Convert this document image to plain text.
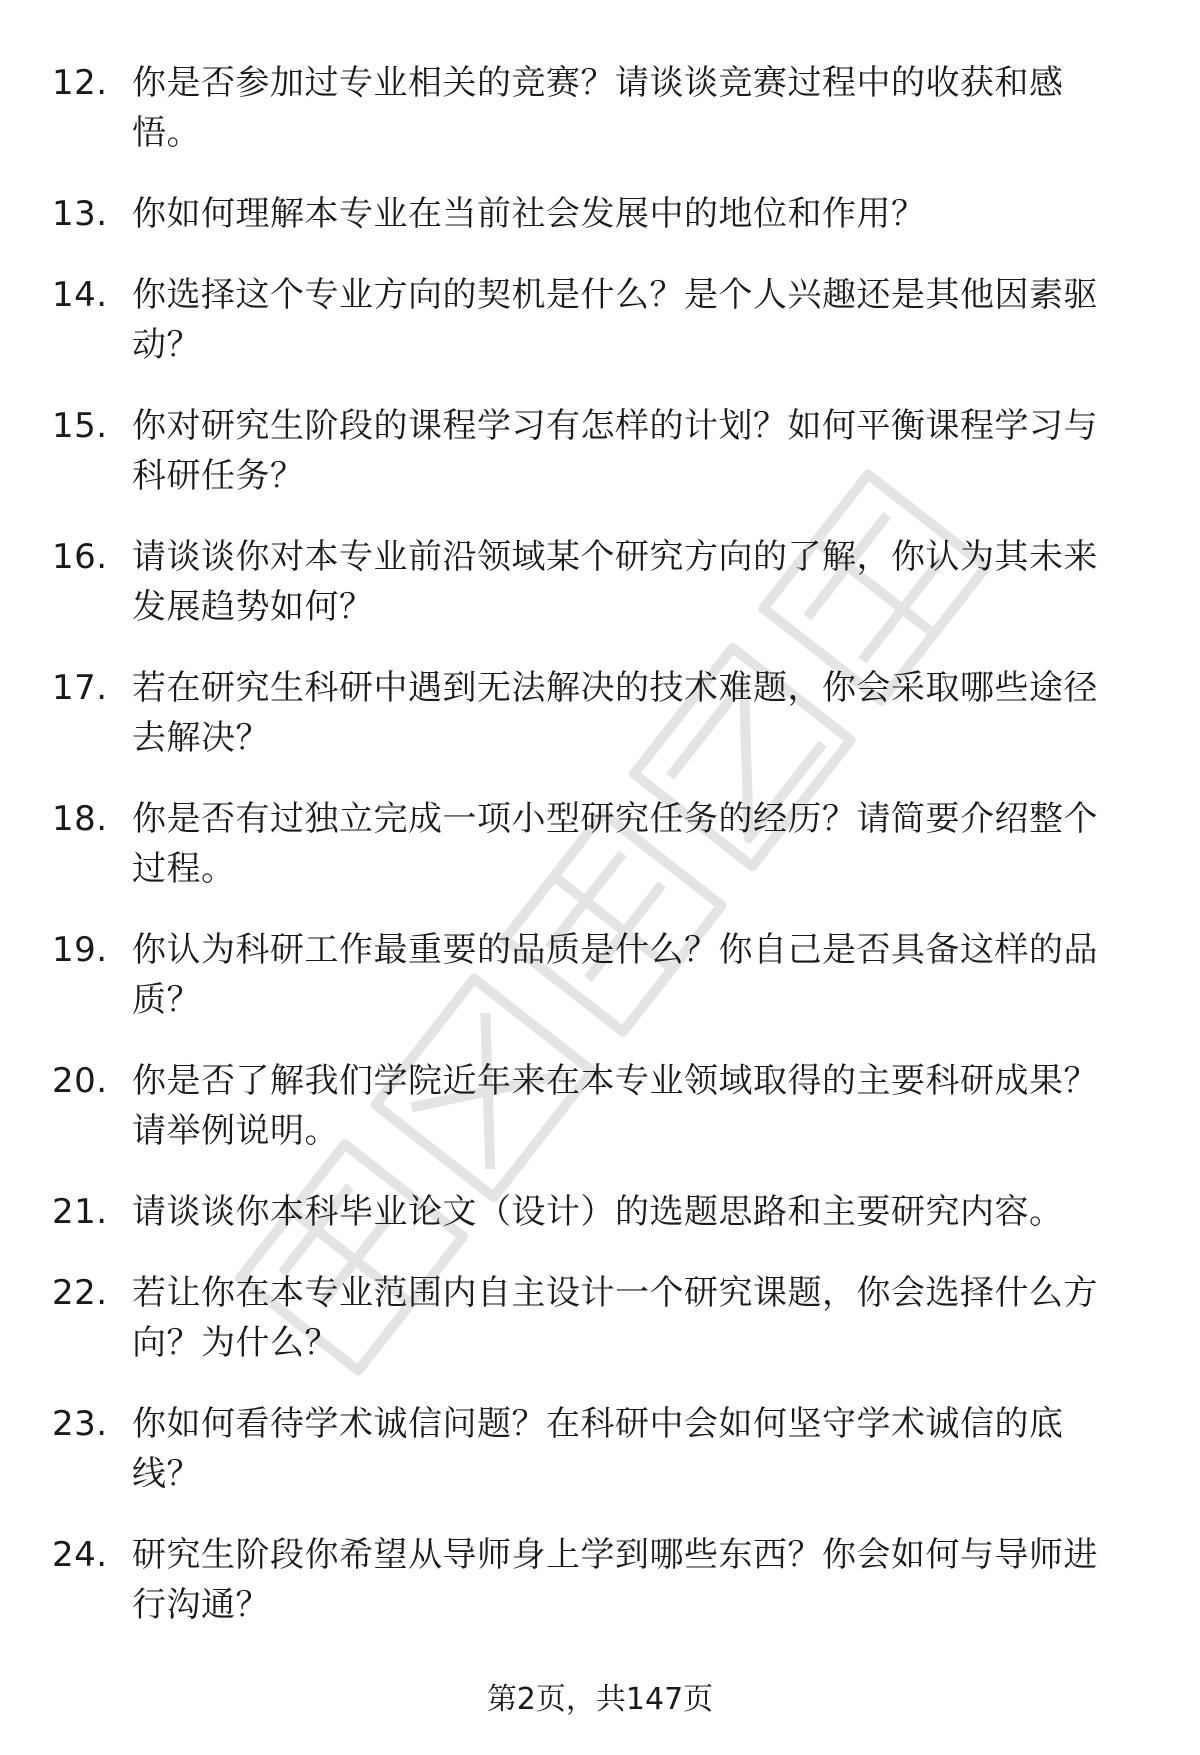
12. 你是否参加过专业相关的竞赛？请谈谈竞赛过程中的收获和感悟。
13. 你如何理解本专业在当前社会发展中的地位和作用？
14. 你选择这个专业方向的契机是什么？是个人兴趣还是其他因素驱动？
15. 你对研究生阶段的课程学习有怎样的计划？如何平衡课程学习与科研任务？
16. 请谈谈你对本专业前沿领域某个研究方向的了解，你认为其未来发展趋势如何？
17. 若在研究生科研中遇到无法解决的技术难题，你会采取哪些途径去解决？
18. 你是否有过独立完成一项小型研究任务的经历？请简要介绍整个过程。
19. 你认为科研工作最重要的品质是什么？你自己是否具备这样的品质？
20. 你是否了解我们学院近年来在本专业领域取得的主要科研成果？请举例说明。
21. 请谈谈你本科毕业论文（设计）的选题思路和主要研究内容。
22. 若让你在本专业范围内自主设计一个研究课题，你会选择什么方向？为什么？
23. 你如何看待学术诚信问题？在科研中会如何坚守学术诚信的底线？
24. 研究生阶段你希望从导师身上学到哪些东西？你会如何与导师进行沟通？
第2页，共147页
